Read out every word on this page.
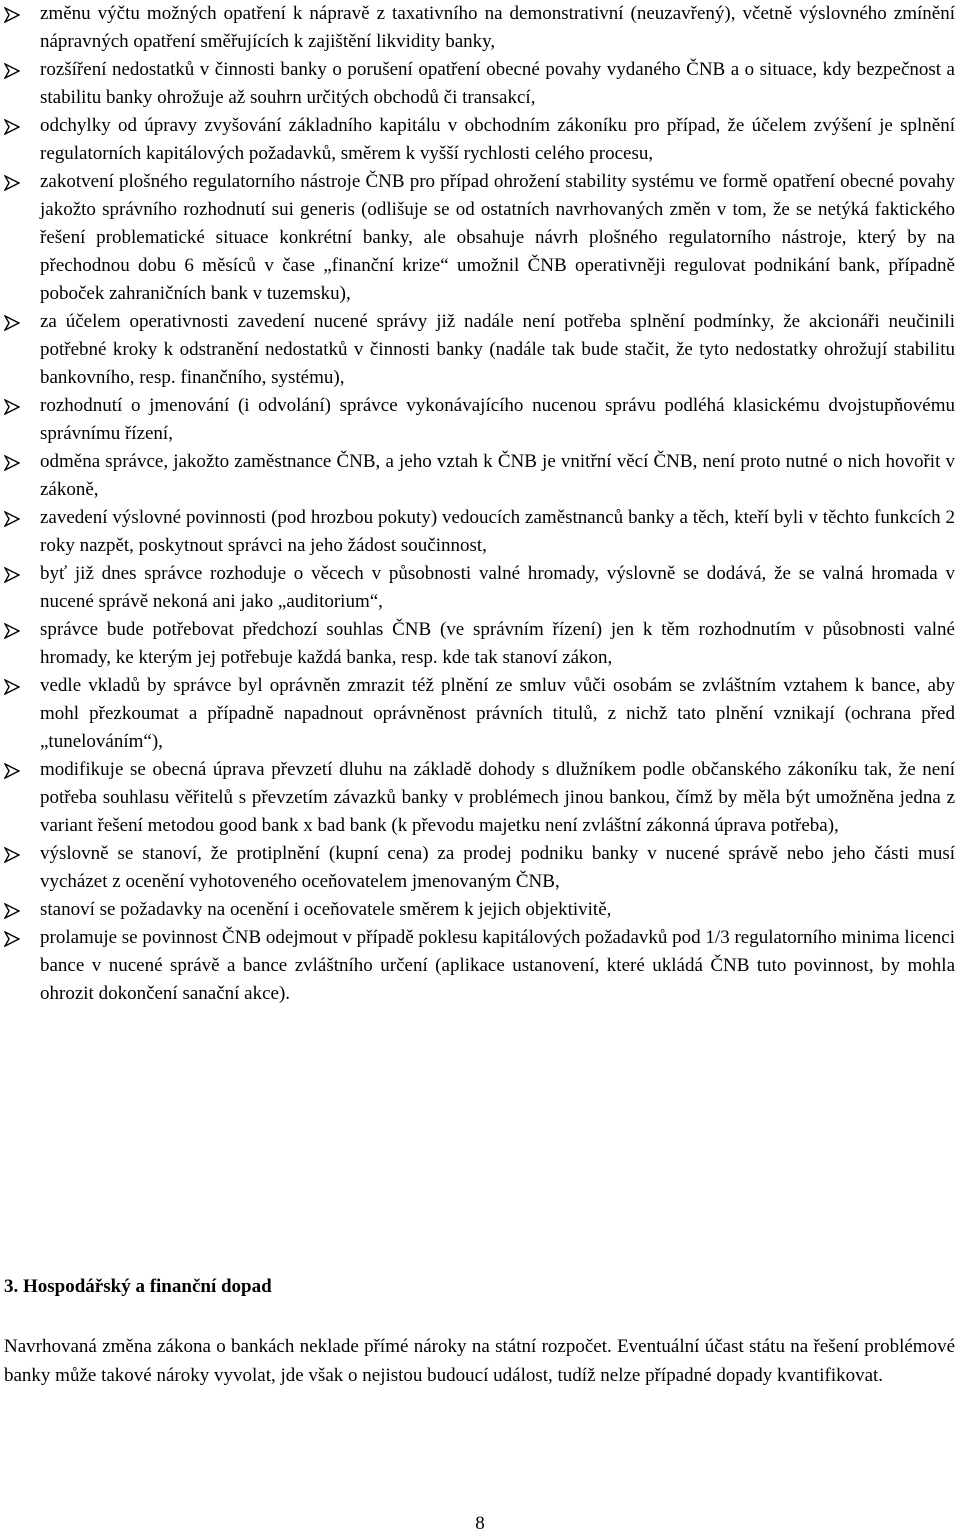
změnu výčtu možných opatření k nápravě z taxativního na demonstrativní (neuzavřený), včetně výslovného zmínění nápravných opatření směřujících k zajištění likvidity banky,
rozšíření nedostatků v činnosti banky o porušení opatření obecné povahy vydaného ČNB a o situace, kdy bezpečnost a stabilitu banky ohrožuje až souhrn určitých obchodů či transakcí,
odchylky od úpravy zvyšování základního kapitálu v obchodním zákoníku pro případ, že účelem zvýšení je splnění regulatorních kapitálových požadavků, směrem k vyšší rychlosti celého procesu,
zakotvení plošného regulatorního nástroje ČNB pro případ ohrožení stability systému ve formě opatření obecné povahy jakožto správního rozhodnutí sui generis (odlišuje se od ostatních navrhovaných změn v tom, že se netýká faktického řešení problematické situace konkrétní banky, ale obsahuje návrh plošného regulatorního nástroje, který by na přechodnou dobu 6 měsíců v čase „finanční krize“ umožnil ČNB operativněji regulovat podnikání bank, případně poboček zahraničních bank v tuzemsku),
za účelem operativnosti zavedení nucené správy již nadále není potřeba splnění podmínky, že akcionáři neučinili potřebné kroky k odstranění nedostatků v činnosti banky (nadále tak bude stačit, že tyto nedostatky ohrožují stabilitu bankovního, resp. finančního, systému),
rozhodnutí o jmenování (i odvolání) správce vykonávajícího nucenou správu podléhá klasickému dvojstupňovému správnímu řízení,
odměna správce, jakožto zaměstnance ČNB, a jeho vztah k ČNB je vnitřní věcí ČNB, není proto nutné o nich hovořit v zákoně,
zavedení výslovné povinnosti (pod hrozbou pokuty) vedoucích zaměstnanců banky a těch, kteří byli v těchto funkcích 2 roky nazpět, poskytnout správci na jeho žádost součinnost,
byť již dnes správce rozhoduje o věcech v působnosti valné hromady, výslovně se dodává, že se valná hromada v nucené správě nekoná ani jako „auditorium“,
správce bude potřebovat předchozí souhlas ČNB (ve správním řízení) jen k těm rozhodnutím v působnosti valné hromady, ke kterým jej potřebuje každá banka, resp. kde tak stanoví zákon,
vedle vkladů by správce byl oprávněn zmrazit též plnění ze smluv vůči osobám se zvláštním vztahem k bance, aby mohl přezkoumat a případně napadnout oprávněnost právních titulů, z nichž tato plnění vznikají (ochrana před „tunelováním“),
modifikuje se obecná úprava převzetí dluhu na základě dohody s dlužníkem podle občanského zákoníku tak, že není potřeba souhlasu věřitelů s převzetím závazků banky v problémech jinou bankou, čímž by měla být umožněna jedna z variant řešení metodou good bank x bad bank (k převodu majetku není zvláštní zákonná úprava potřeba),
výslovně se stanoví, že protiplnění (kupní cena) za prodej podniku banky v nucené správě nebo jeho části musí vycházet z ocenění vyhotoveného oceňovatelem jmenovaným ČNB,
stanoví se požadavky na ocenění i oceňovatele směrem k jejich objektivitě,
prolamuje se povinnost ČNB odejmout v případě poklesu kapitálových požadavků pod 1/3 regulatorního minima licenci bance v nucené správě a bance zvláštního určení (aplikace ustanovení, které ukládá ČNB tuto povinnost, by mohla ohrozit dokončení sanační akce).
3. Hospodářský a finanční dopad

Navrhovaná změna zákona o bankách neklade přímé nároky na státní rozpočet. Eventuální účast státu na řešení problémové banky může takové nároky vyvolat, jde však o nejistou budoucí událost, tudíž nelze případné dopady kvantifikovat.

8
